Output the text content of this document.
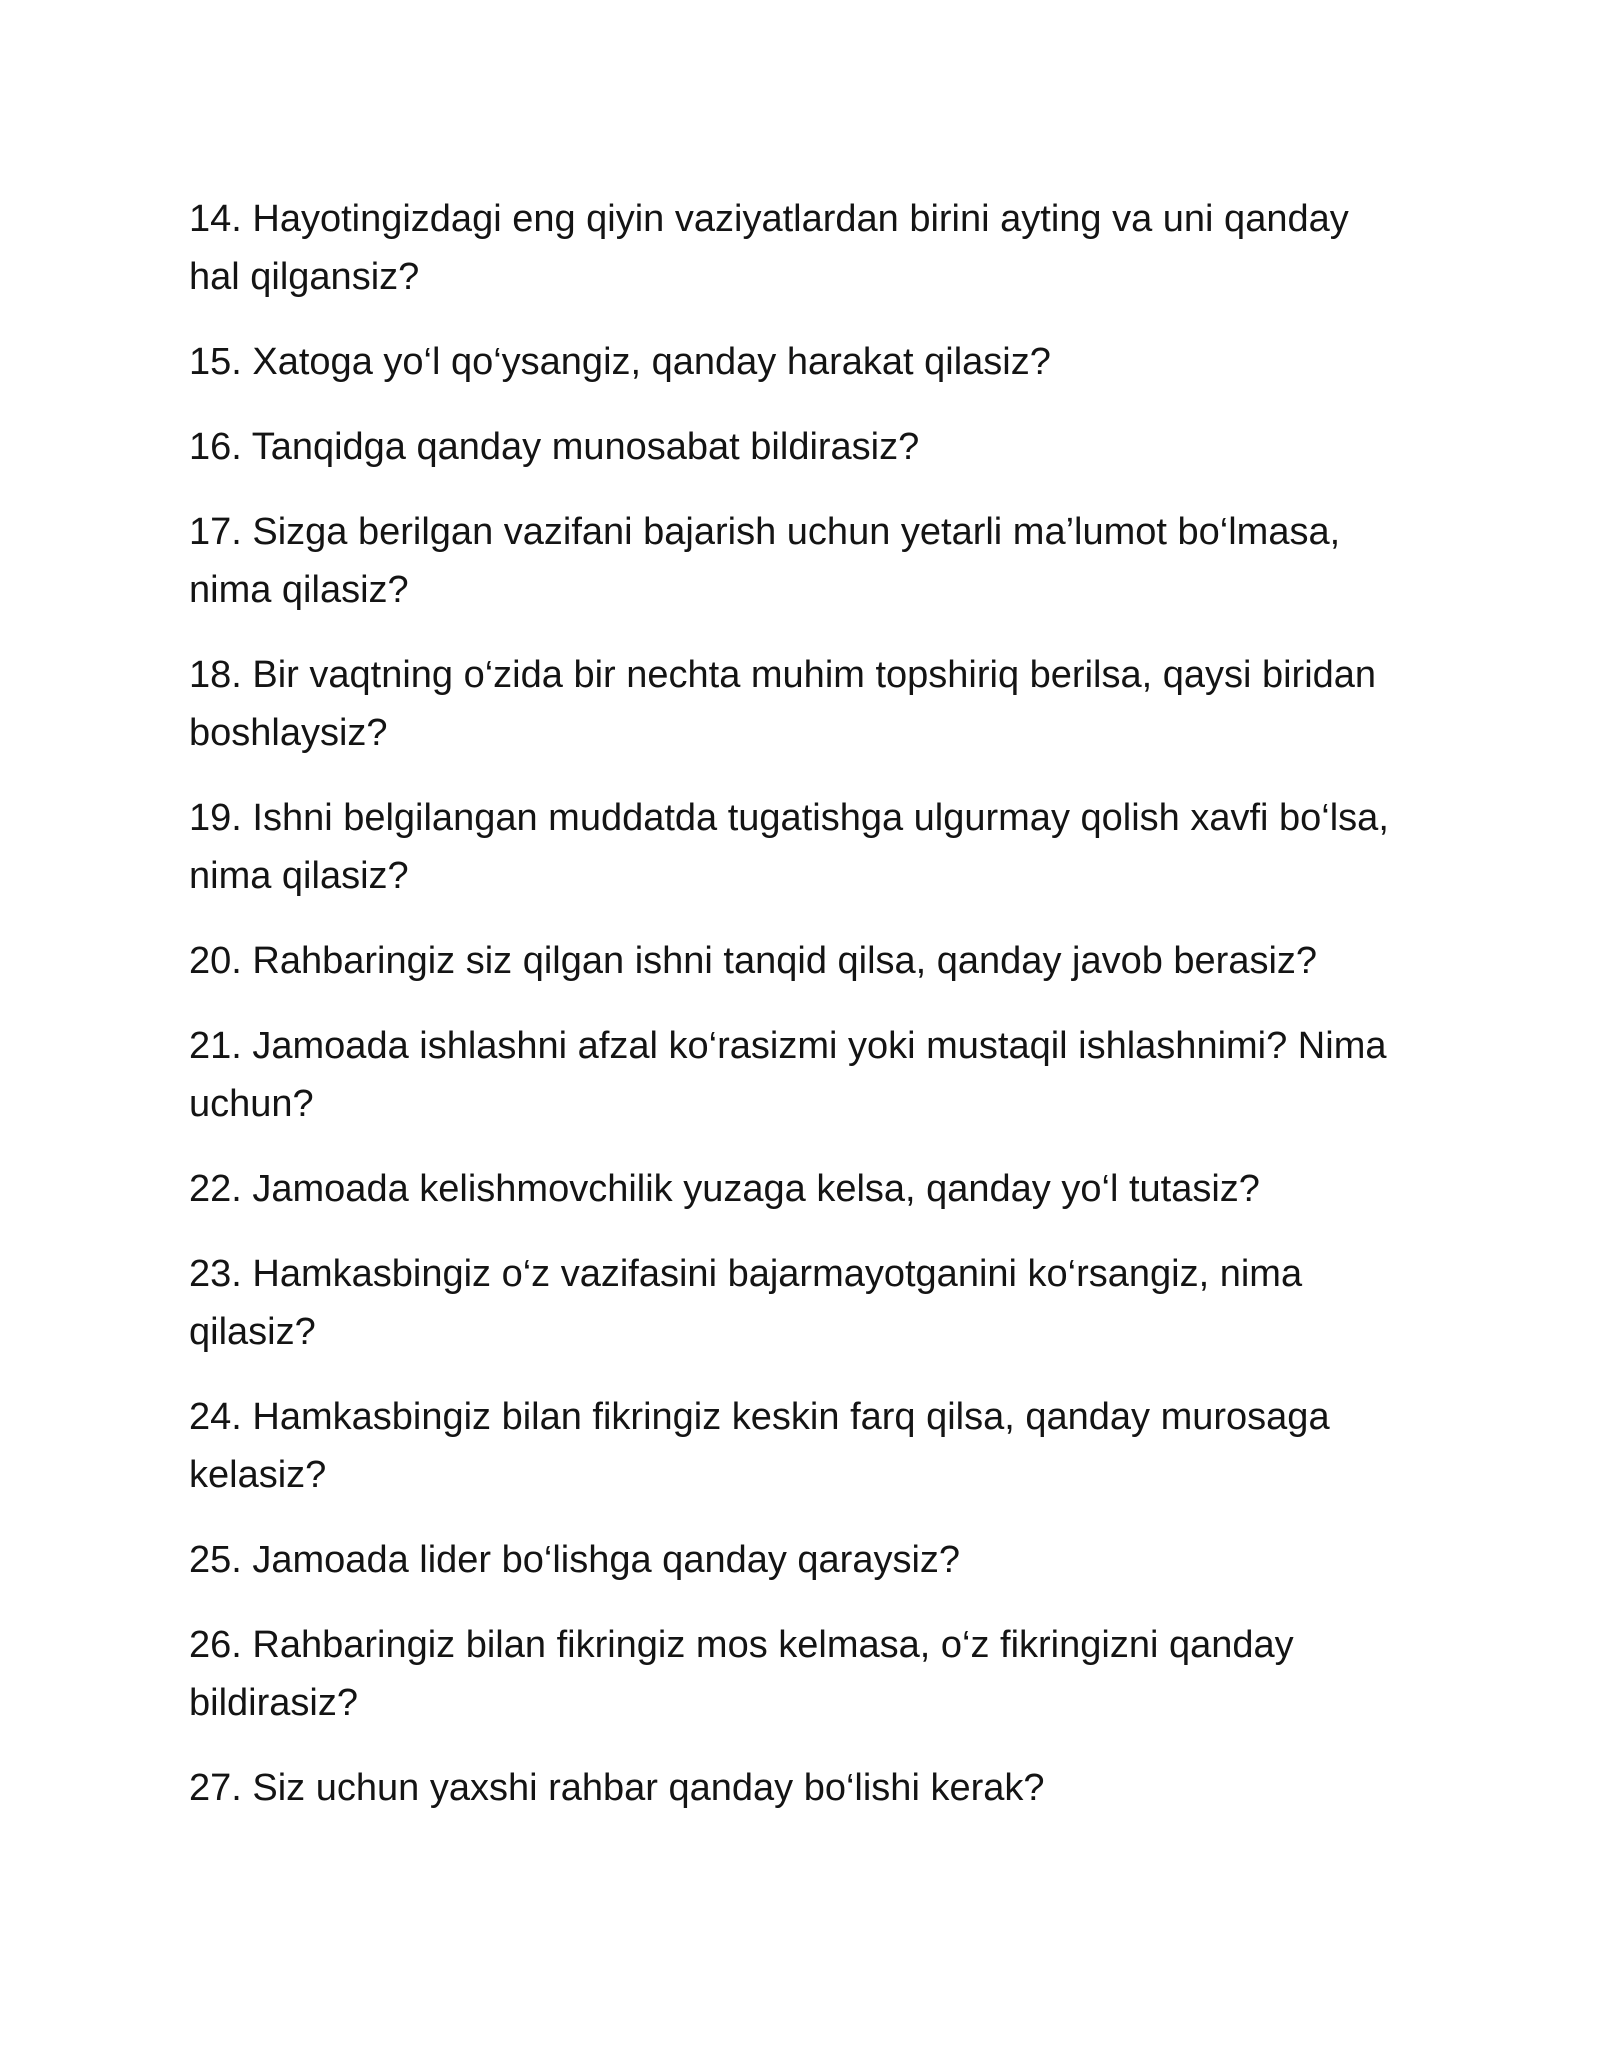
14. Hayotingizdagi eng qiyin vaziyatlardan birini ayting va uni qanday
hal qilgansiz?

15. Xatoga yo‘l qo‘ysangiz, qanday harakat qilasiz?

16. Tanqidga qanday munosabat bildirasiz?

17. Sizga berilgan vazifani bajarish uchun yetarli ma’lumot bo‘lmasa,
nima qilasiz?

18. Bir vaqtning o‘zida bir nechta muhim topshiriq berilsa, qaysi biridan
boshlaysiz?

19. Ishni belgilangan muddatda tugatishga ulgurmay qolish xavfi bo‘lsa,
nima qilasiz?

20. Rahbaringiz siz qilgan ishni tanqid qilsa, qanday javob berasiz?

21. Jamoada ishlashni afzal ko‘rasizmi yoki mustaqil ishlashnimi? Nima
uchun?

22. Jamoada kelishmovchilik yuzaga kelsa, qanday yo‘l tutasiz?

23. Hamkasbingiz o‘z vazifasini bajarmayotganini ko‘rsangiz, nima
qilasiz?

24. Hamkasbingiz bilan fikringiz keskin farq qilsa, qanday murosaga
kelasiz?

25. Jamoada lider bo‘lishga qanday qaraysiz?

26. Rahbaringiz bilan fikringiz mos kelmasa, o‘z fikringizni qanday
bildirasiz?

27. Siz uchun yaxshi rahbar qanday bo‘lishi kerak?
